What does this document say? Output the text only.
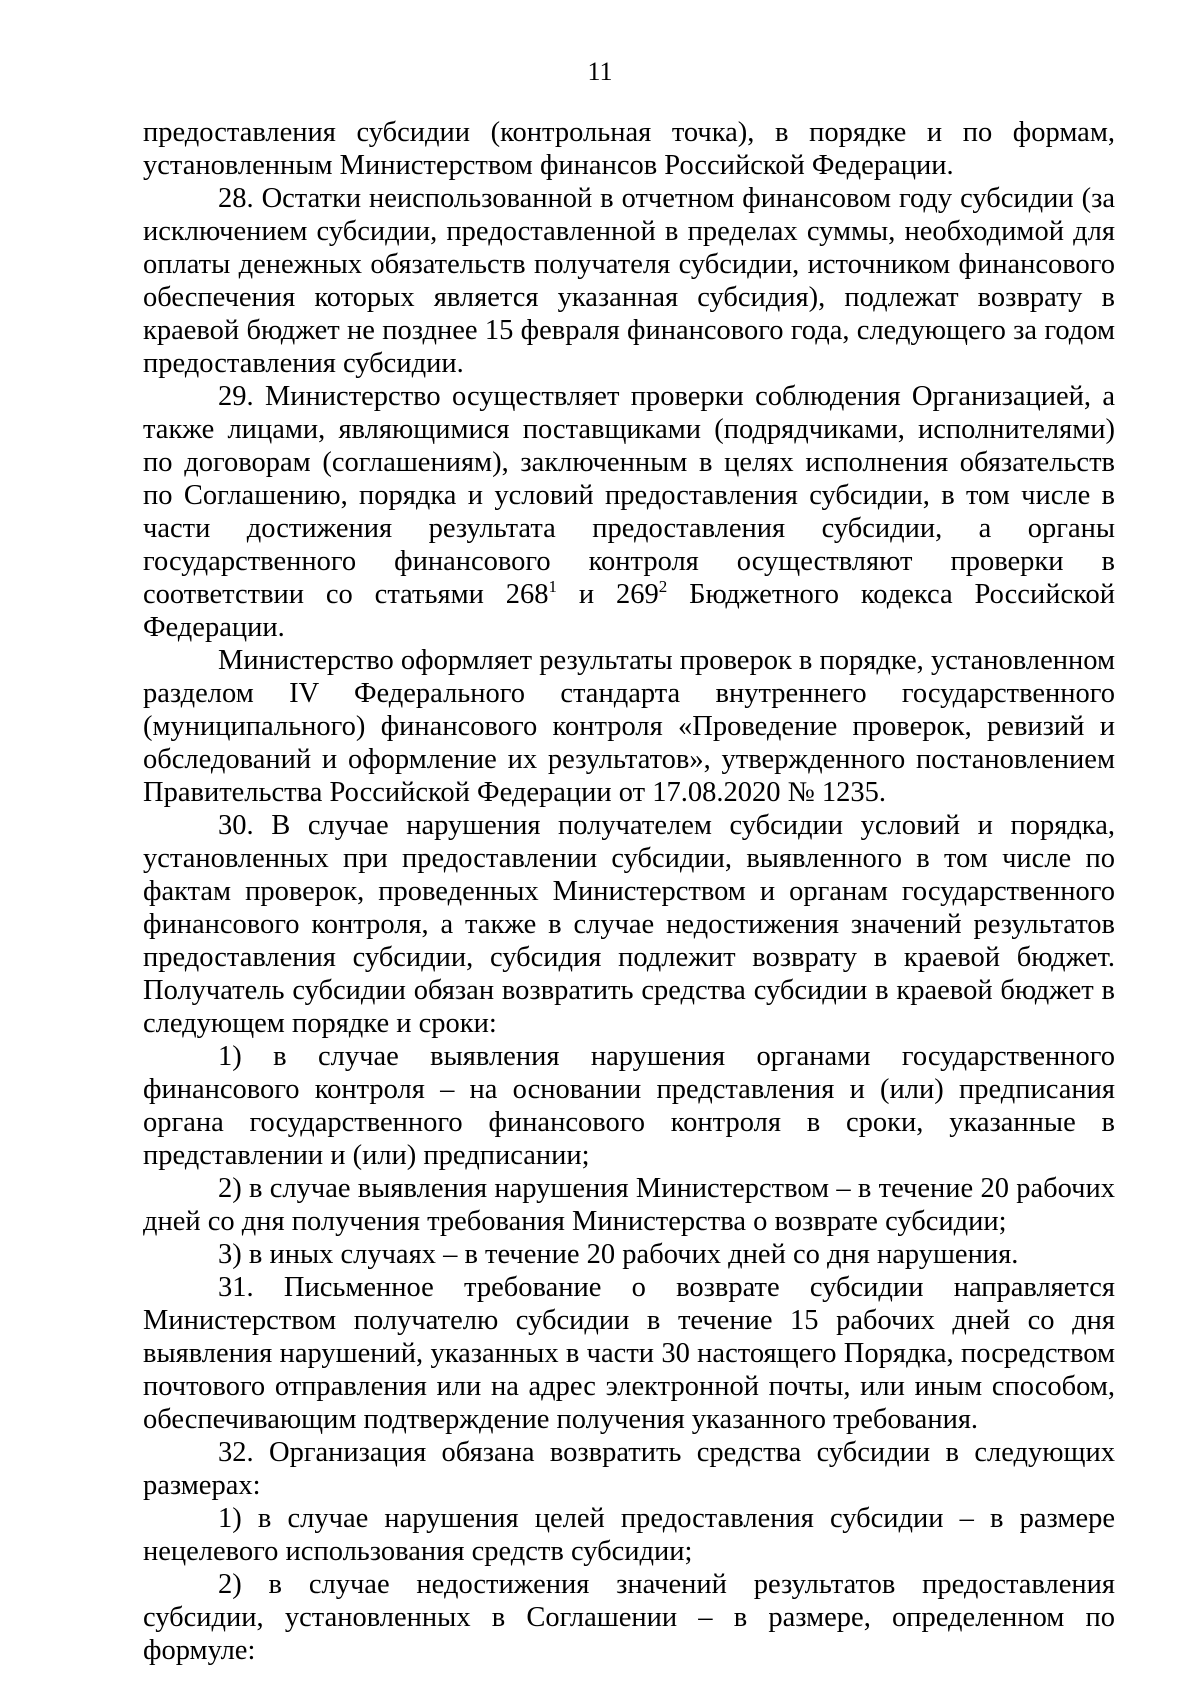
11

предоставления субсидии (контрольная точка), в порядке и по формам, установленным Министерством финансов Российской Федерации.

28. Остатки неиспользованной в отчетном финансовом году субсидии (за исключением субсидии, предоставленной в пределах суммы, необходимой для оплаты денежных обязательств получателя субсидии, источником финансового обеспечения которых является указанная субсидия), подлежат возврату в краевой бюджет не позднее 15 февраля финансового года, следующего за годом предоставления субсидии.

29. Министерство осуществляет проверки соблюдения Организацией, а также лицами, являющимися поставщиками (подрядчиками, исполнителями) по договорам (соглашениям), заключенным в целях исполнения обязательств по Соглашению, порядка и условий предоставления субсидии, в том числе в части достижения результата предоставления субсидии, а органы государственного финансового контроля осуществляют проверки в соответствии со статьями $268^1$ и $269^2$ Бюджетного кодекса Российской Федерации.

Министерство оформляет результаты проверок в порядке, установленном разделом IV Федерального стандарта внутреннего государственного (муниципального) финансового контроля «Проведение проверок, ревизий и обследований и оформление их результатов», утвержденного постановлением Правительства Российской Федерации от 17.08.2020 № 1235.

30. В случае нарушения получателем субсидии условий и порядка, установленных при предоставлении субсидии, выявленного в том числе по фактам проверок, проведенных Министерством и органам государственного финансового контроля, а также в случае недостижения значений результатов предоставления субсидии, субсидия подлежит возврату в краевой бюджет. Получатель субсидии обязан возвратить средства субсидии в краевой бюджет в следующем порядке и сроки:

1) в случае выявления нарушения органами государственного финансового контроля – на основании представления и (или) предписания органа государственного финансового контроля в сроки, указанные в представлении и (или) предписании;

2) в случае выявления нарушения Министерством – в течение 20 рабочих дней со дня получения требования Министерства о возврате субсидии;

3) в иных случаях – в течение 20 рабочих дней со дня нарушения.

31. Письменное требование о возврате субсидии направляется Министерством получателю субсидии в течение 15 рабочих дней со дня выявления нарушений, указанных в части 30 настоящего Порядка, посредством почтового отправления или на адрес электронной почты, или иным способом, обеспечивающим подтверждение получения указанного требования.

32. Организация обязана возвратить средства субсидии в следующих размерах:

1) в случае нарушения целей предоставления субсидии – в размере нецелевого использования средств субсидии;

2) в случае недостижения значений результатов предоставления субсидии, установленных в Соглашении – в размере, определенном по формуле:
